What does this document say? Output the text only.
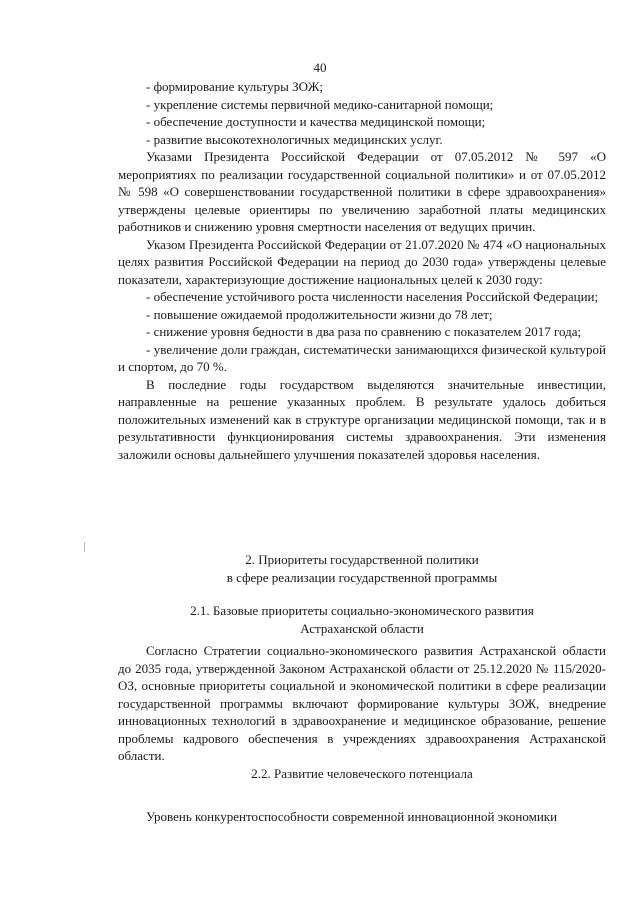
40

- формирование культуры ЗОЖ;

- укрепление системы первичной медико-санитарной помощи;

- обеспечение доступности и качества медицинской помощи;

- развитие высокотехнологичных медицинских услуг.

Указами Президента Российской Федерации от 07.05.2012 № 597 «О мероприятиях по реализации государственной социальной политики» и от 07.05.2012 № 598 «О совершенствовании государственной политики в сфере здравоохранения» утверждены целевые ориентиры по увеличению заработной платы медицинских работников и снижению уровня смертности населения от ведущих причин.

Указом Президента Российской Федерации от 21.07.2020 № 474 «О национальных целях развития Российской Федерации на период до 2030 года» утверждены целевые показатели, характеризующие достижение национальных целей к 2030 году:

- обеспечение устойчивого роста численности населения Российской Федерации;

- повышение ожидаемой продолжительности жизни до 78 лет;

- снижение уровня бедности в два раза по сравнению с показателем 2017 года;

- увеличение доли граждан, систематически занимающихся физической культурой и спортом, до 70 %.

В последние годы государством выделяются значительные инвестиции, направленные на решение указанных проблем. В результате удалось добиться положительных изменений как в структуре организации медицинской помощи, так и в результативности функционирования системы здравоохранения. Эти изменения заложили основы дальнейшего улучшения показателей здоровья населения.

2. Приоритеты государственной политики
в сфере реализации государственной программы
2.1. Базовые приоритеты социально-экономического развития
Астраханской области

Согласно Стратегии социально-экономического развития Астраханской области до 2035 года, утвержденной Законом Астраханской области от 25.12.2020 № 115/2020-ОЗ, основные приоритеты социальной и экономической политики в сфере реализации государственной программы включают формирование культуры ЗОЖ, внедрение инновационных технологий в здравоохранение и медицинское образование, решение проблемы кадрового обеспечения в учреждениях здравоохранения Астраханской области.

2.2. Развитие человеческого потенциала

Уровень конкурентоспособности современной инновационной экономики
